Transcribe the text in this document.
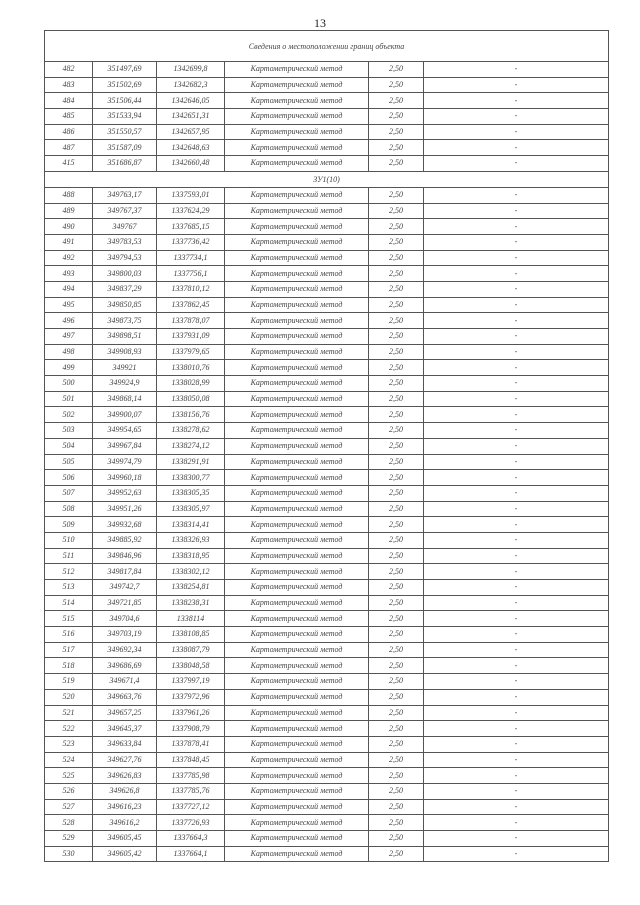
13
Сведения о местоположении границ объекта					
482	351497,69	1342699,8	Картометрический метод	2,50	-
483	351502,69	1342682,3	Картометрический метод	2,50	-
484	351506,44	1342646,05	Картометрический метод	2,50	-
485	351533,94	1342651,31	Картометрический метод	2,50	-
486	351550,57	1342657,95	Картометрический метод	2,50	-
487	351587,09	1342648,63	Картометрический метод	2,50	-
415	351686,87	1342660,48	Картометрический метод	2,50	-
ЗУ1(10)					
488	349763,17	1337593,01	Картометрический метод	2,50	-
489	349767,37	1337624,29	Картометрический метод	2,50	-
490	349767	1337685,15	Картометрический метод	2,50	-
491	349783,53	1337736,42	Картометрический метод	2,50	-
492	349794,53	1337734,1	Картометрический метод	2,50	-
493	349800,03	1337756,1	Картометрический метод	2,50	-
494	349837,29	1337810,12	Картометрический метод	2,50	-
495	349850,85	1337862,45	Картометрический метод	2,50	-
496	349873,75	1337878,07	Картометрический метод	2,50	-
497	349898,51	1337931,09	Картометрический метод	2,50	-
498	349908,93	1337979,65	Картометрический метод	2,50	-
499	349921	1338010,76	Картометрический метод	2,50	-
500	349924,9	1338028,99	Картометрический метод	2,50	-
501	349868,14	1338050,08	Картометрический метод	2,50	-
502	349900,07	1338156,76	Картометрический метод	2,50	-
503	349954,65	1338278,62	Картометрический метод	2,50	-
504	349967,84	1338274,12	Картометрический метод	2,50	-
505	349974,79	1338291,91	Картометрический метод	2,50	-
506	349960,18	1338300,77	Картометрический метод	2,50	-
507	349952,63	1338305,35	Картометрический метод	2,50	-
508	349951,26	1338305,97	Картометрический метод	2,50	-
509	349932,68	1338314,41	Картометрический метод	2,50	-
510	349885,92	1338326,93	Картометрический метод	2,50	-
511	349846,96	1338318,95	Картометрический метод	2,50	-
512	349817,84	1338302,12	Картометрический метод	2,50	-
513	349742,7	1338254,81	Картометрический метод	2,50	-
514	349721,85	1338238,31	Картометрический метод	2,50	-
515	349704,6	1338114	Картометрический метод	2,50	-
516	349703,19	1338108,85	Картометрический метод	2,50	-
517	349692,34	1338087,79	Картометрический метод	2,50	-
518	349686,69	1338048,58	Картометрический метод	2,50	-
519	349671,4	1337997,19	Картометрический метод	2,50	-
520	349663,76	1337972,96	Картометрический метод	2,50	-
521	349657,25	1337961,26	Картометрический метод	2,50	-
522	349645,37	1337908,79	Картометрический метод	2,50	-
523	349633,84	1337878,41	Картометрический метод	2,50	-
524	349627,76	1337848,45	Картометрический метод	2,50	-
525	349626,83	1337785,98	Картометрический метод	2,50	-
526	349626,8	1337785,76	Картометрический метод	2,50	-
527	349616,23	1337727,12	Картометрический метод	2,50	-
528	349616,2	1337726,93	Картометрический метод	2,50	-
529	349605,45	1337664,3	Картометрический метод	2,50	-
530	349605,42	1337664,1	Картометрический метод	2,50	-
